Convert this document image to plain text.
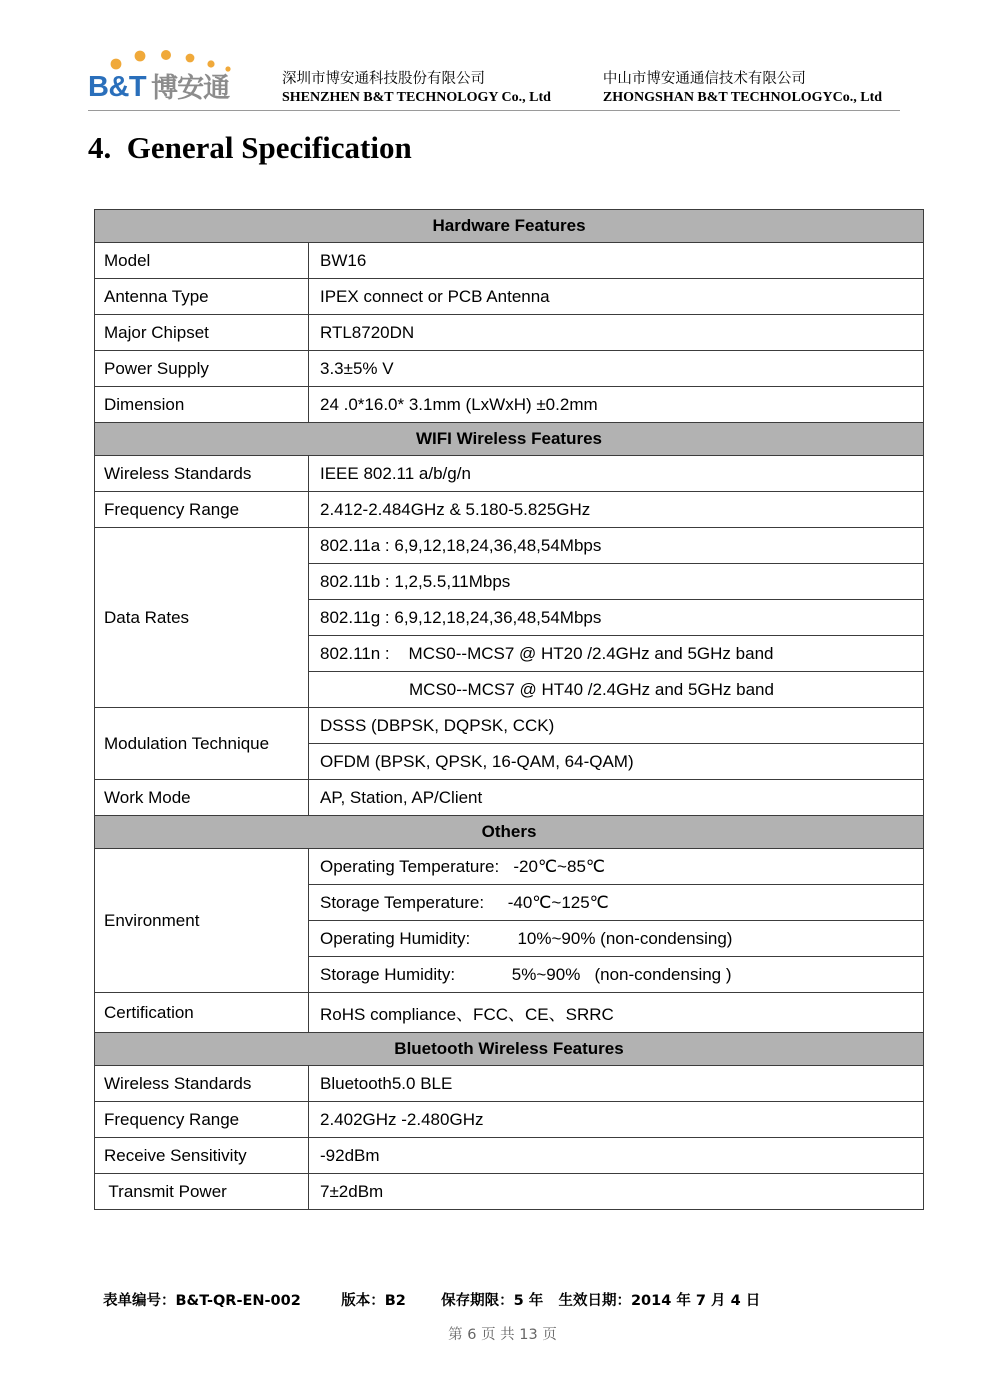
B&T 博安通	深圳市博安通科技股份有限公司
SHENZHEN B&T TECHNOLOGY Co., Ltd
中山市博安通通信技术有限公司
ZHONGSHAN B&T TECHNOLOGYCo., Ltd
4.  General Specification
Hardware Features	
Model	BW16
Antenna Type	IPEX connect or PCB Antenna
Major Chipset	RTL8720DN
Power Supply	3.3±5% V
Dimension	24 .0*16.0* 3.1mm (LxWxH) ±0.2mm
WIFI Wireless Features	
Wireless Standards	IEEE 802.11 a/b/g/n
Frequency Range	2.412-2.484GHz & 5.180-5.825GHz
Data Rates	802.11a : 6,9,12,18,24,36,48,54Mbps
	802.11b : 1,2,5.5,11Mbps
	802.11g : 6,9,12,18,24,36,48,54Mbps
	802.11n :    MCS0--MCS7 @ HT20 /2.4GHz and 5GHz band
	MCS0--MCS7 @ HT40 /2.4GHz and 5GHz band
Modulation Technique	DSSS (DBPSK, DQPSK, CCK)
	OFDM (BPSK, QPSK, 16-QAM, 64-QAM)
Work Mode	AP, Station, AP/Client
Others	
Environment	Operating Temperature:   -20℃~85℃
	Storage Temperature:     -40℃~125℃
	Operating Humidity:          10%~90% (non-condensing)
	Storage Humidity:            5%~90%   (non-condensing )
Certification	RoHS compliance、FCC、CE、SRRC
Bluetooth Wireless Features	
Wireless Standards	Bluetooth5.0 BLE
Frequency Range	2.402GHz -2.480GHz
Receive Sensitivity	-92dBm
Transmit Power	7±2dBm

表单编号：B&T-QR-EN-002        版本：B2       保存期限：5 年   生效日期：2014 年 7 月 4 日

第 6 页 共 13 页
